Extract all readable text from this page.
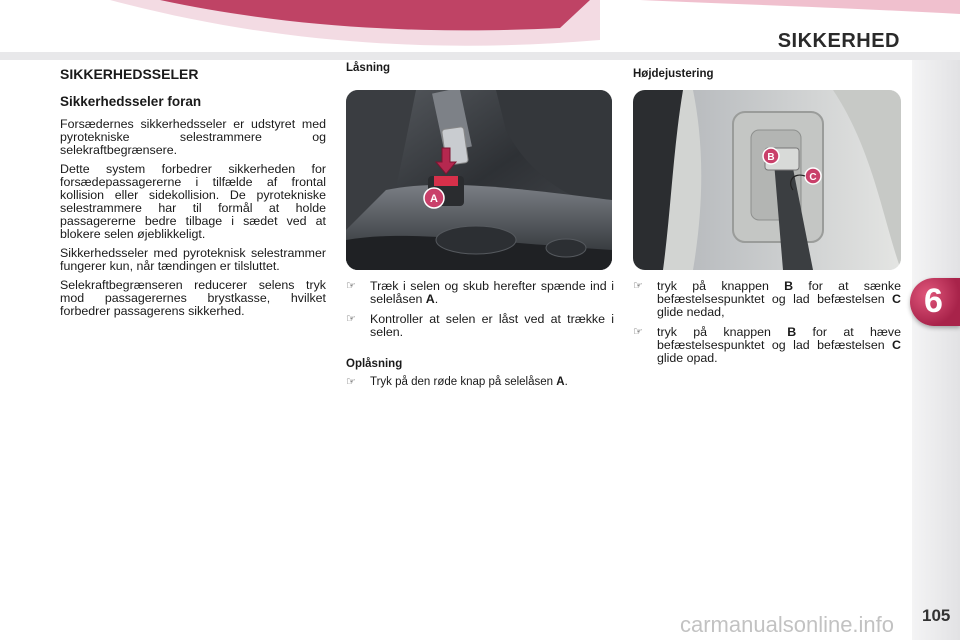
SIKKERHED
6
SIKKERHEDSSELER
Sikkerhedsseler foran

Forsædernes sikkerhedsseler er udstyret med pyrotekniske selestrammere og selekraftbegrænsere.

Dette system forbedrer sikkerheden for forsædepassagererne i tilfælde af frontal kollision eller sidekollision. De pyrotekniske selestrammere har til formål at holde passagererne bedre tilbage i sædet ved at blokere selen øjeblikkeligt.

Sikkerhedsseler med pyroteknisk selestrammer fungerer kun, når tændingen er tilsluttet.

Selekraftbegrænseren reducerer selens tryk mod passagerernes brystkasse, hvilket forbedrer passagerens sikkerhed.

Låsning
A
☞ Træk i selen og skub herefter spænde ind i selelåsen A.
☞ Kontroller at selen er låst ved at trække i selen.
Oplåsning
☞ Tryk på den røde knap på selelåsen A.
Højdejustering
B
C
☞ tryk på knappen B for at sænke befæstelsespunktet og lad befæstelsen C glide nedad,
☞ tryk på knappen B for at hæve befæstelsespunktet og lad befæstelsen C glide opad.
carmanualsonline.info 105
